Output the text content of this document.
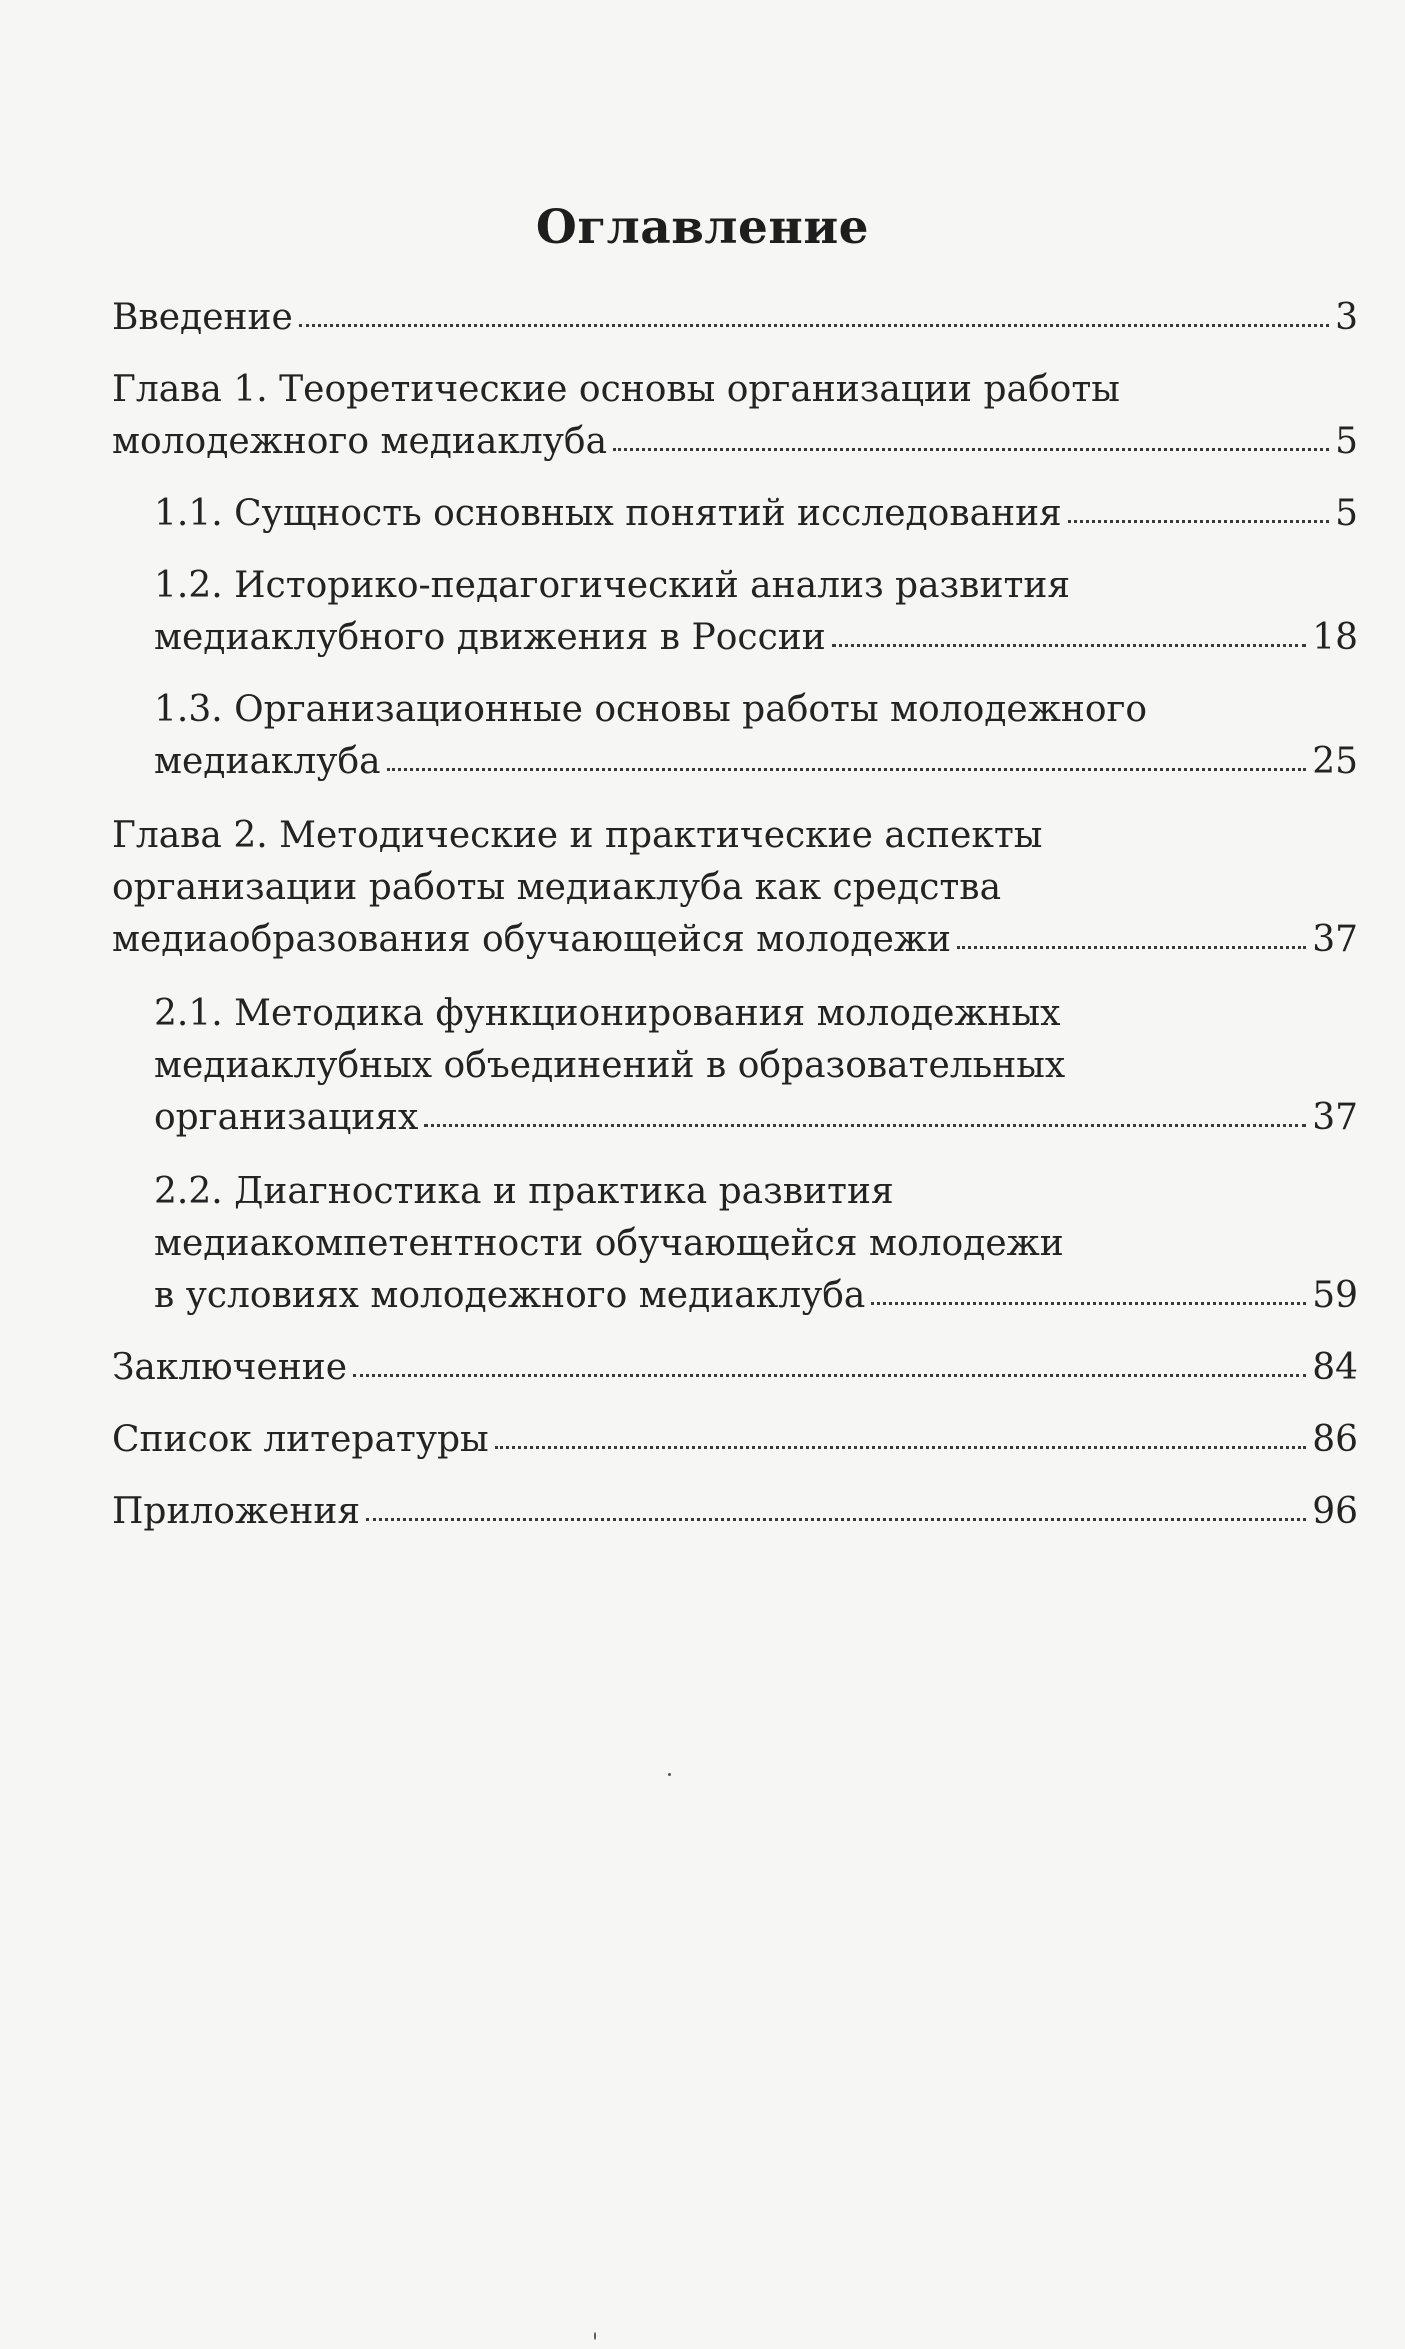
Оглавление
Введение	3
Глава 1. Теоретические основы организации работы
молодежного медиаклуба	5
1.1. Сущность основных понятий исследования	5
1.2. Историко-педагогический анализ развития
медиаклубного движения в России	18
1.3. Организационные основы работы молодежного
медиаклуба	25
Глава 2. Методические и практические аспекты
организации работы медиаклуба как средства
медиаобразования обучающейся молодежи	37
2.1. Методика функционирования молодежных
медиаклубных объединений в образовательных
организациях	37
2.2. Диагностика и практика развития
медиакомпетентности обучающейся молодежи
в условиях молодежного медиаклуба	59
Заключение	84
Список литературы	86
Приложения	96
